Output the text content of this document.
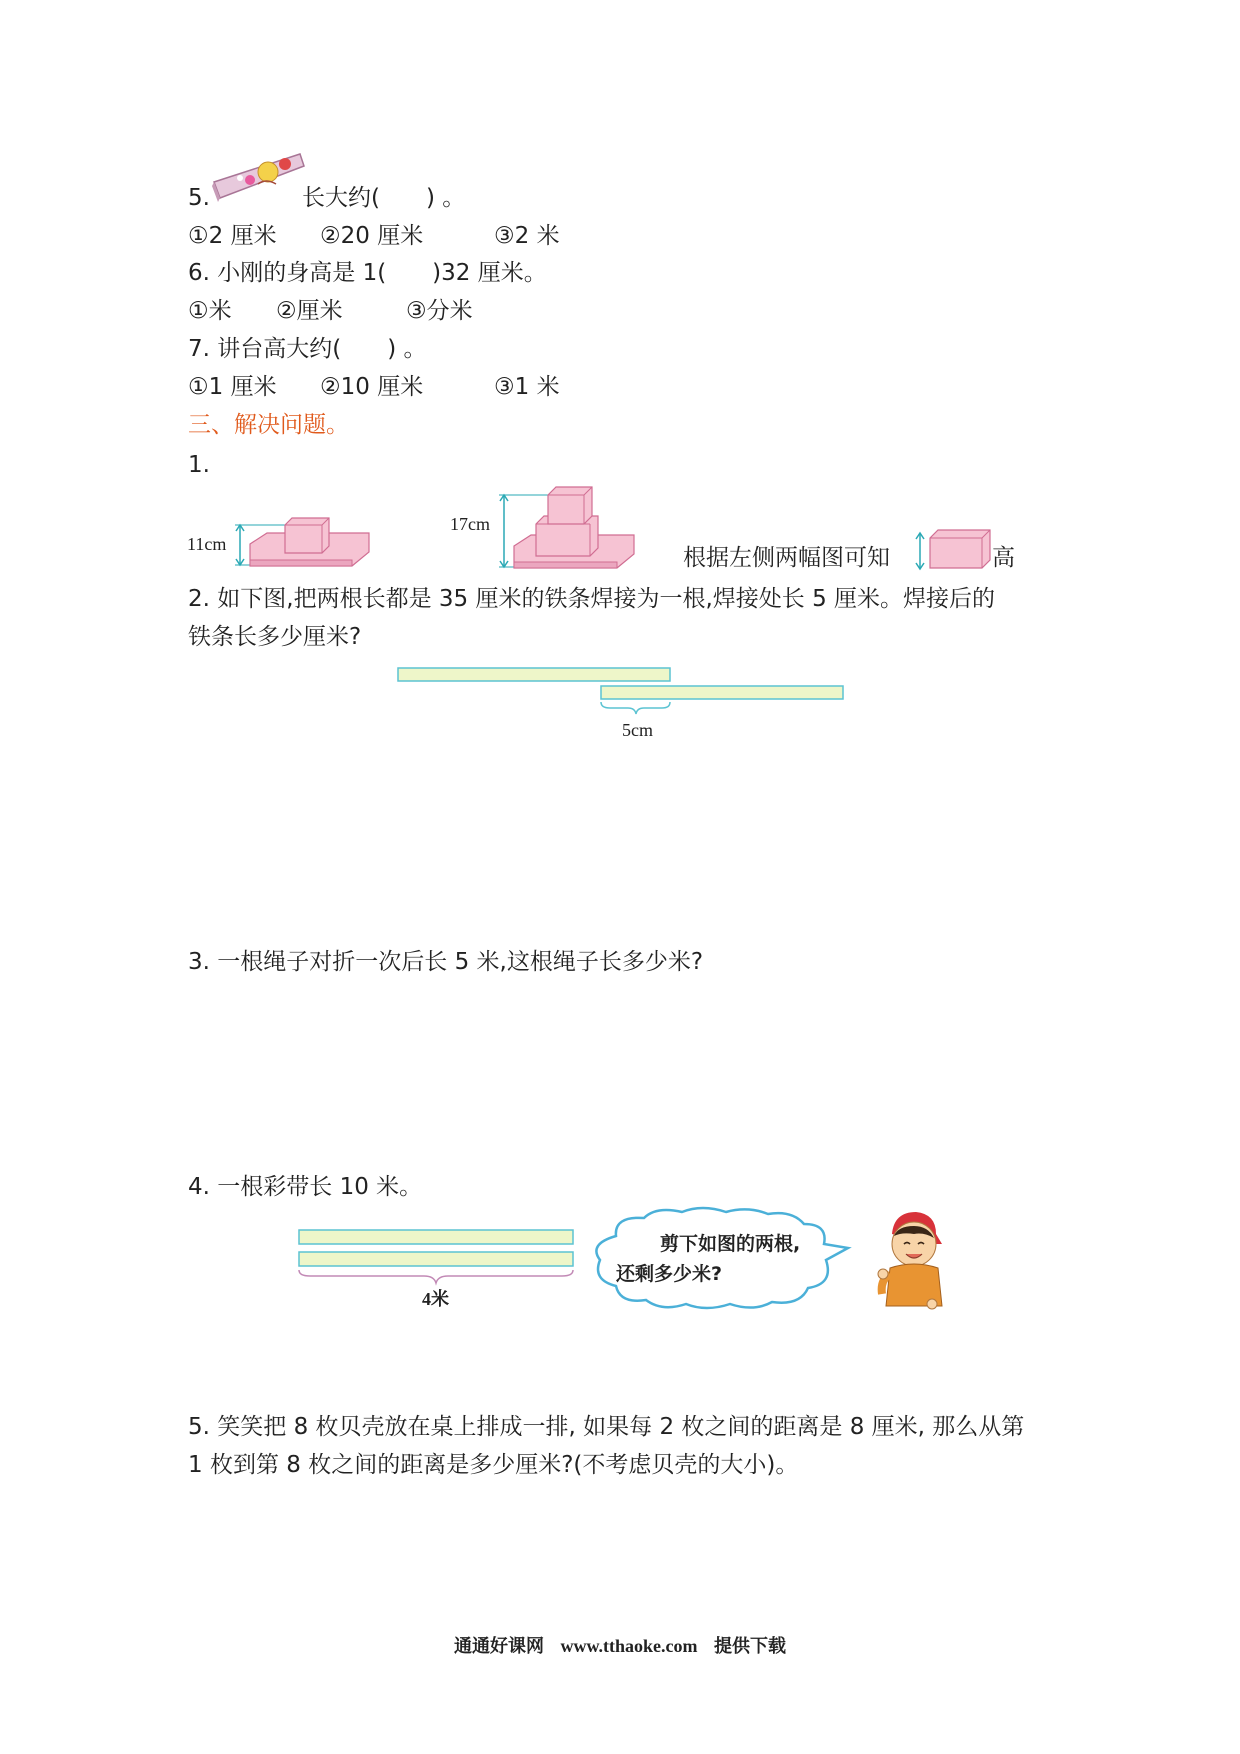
5.	长大约(　　) 。
①2 厘米 ②20 厘米	③2 米
6. 小刚的身高是 1(　　)32 厘米。
①米 ②厘米	③分米
7. 讲台高大约(　　) 。
①1 厘米 ②10 厘米	③1 米
三、解决问题。
1.
11cm
17cm
根据左侧两幅图可知	高
2. 如下图,把两根长都是 35 厘米的铁条焊接为一根,焊接处长 5 厘米。焊接后的
铁条长多少厘米?
5cm
3. 一根绳子对折一次后长 5 米,这根绳子长多少米?
4. 一根彩带长 10 米。
4米
剪下如图的两根,
还剩多少米?
5. 笑笑把 8 枚贝壳放在桌上排成一排, 如果每 2 枚之间的距离是 8 厘米, 那么从第
1 枚到第 8 枚之间的距离是多少厘米?(不考虑贝壳的大小)。
通通好课网 www.tthaoke.com 提供下载
